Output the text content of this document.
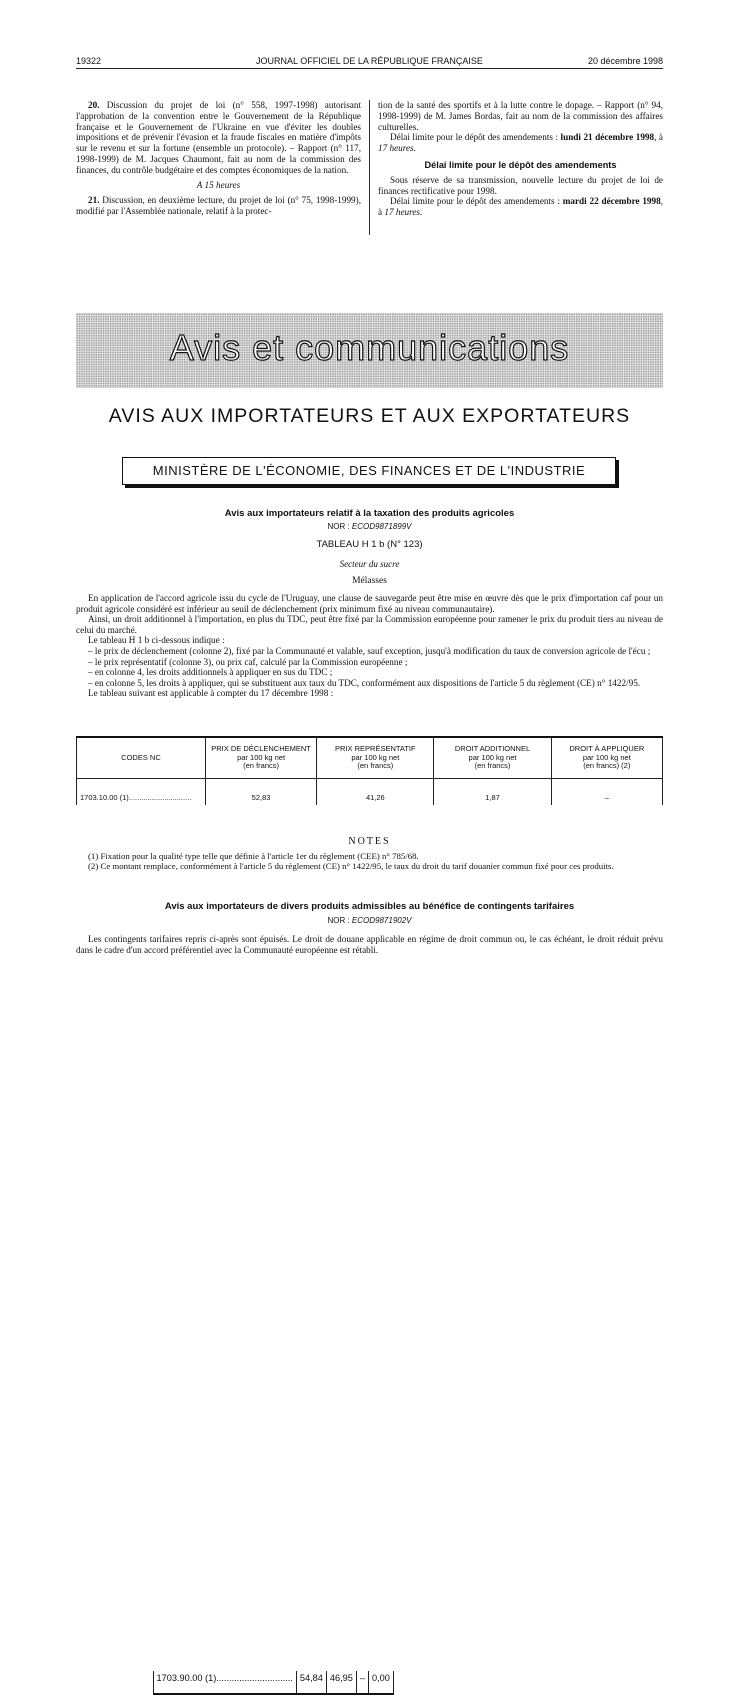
19322	JOURNAL OFFICIEL DE LA RÉPUBLIQUE FRANÇAISE	20 décembre 1998

20. Discussion du projet de loi (n° 558, 1997-1998) autorisant l'approbation de la convention entre le Gouvernement de la République française et le Gouvernement de l'Ukraine en vue d'éviter les doubles impositions et de prévenir l'évasion et la fraude fiscales en matière d'impôts sur le revenu et sur la fortune (ensemble un protocole). – Rapport (n° 117, 1998-1999) de M. Jacques Chaumont, fait au nom de la commission des finances, du contrôle budgétaire et des comptes économiques de la nation.

A 15 heures

21. Discussion, en deuxième lecture, du projet de loi (n° 75, 1998-1999), modifié par l'Assemblée nationale, relatif à la protec-

tion de la santé des sportifs et à la lutte contre le dopage. – Rapport (n° 94, 1998-1999) de M. James Bordas, fait au nom de la commission des affaires culturelles.

Délai limite pour le dépôt des amendements : lundi 21 décembre 1998, à 17 heures.

Délai limite pour le dépôt des amendements

Sous réserve de sa transmission, nouvelle lecture du projet de loi de finances rectificative pour 1998.

Délai limite pour le dépôt des amendements : mardi 22 décembre 1998, à 17 heures.

Avis et communications
AVIS AUX IMPORTATEURS ET AUX EXPORTATEURS
MINISTÈRE DE L'ÉCONOMIE, DES FINANCES ET DE L'INDUSTRIE
Avis aux importateurs relatif à la taxation des produits agricoles
NOR : ECOD9871899V
TABLEAU H 1 b (N° 123)
Secteur du sucre
Mélasses

En application de l'accord agricole issu du cycle de l'Uruguay, une clause de sauvegarde peut être mise en œuvre dès que le prix d'importation caf pour un produit agricole considéré est inférieur au seuil de déclenchement (prix minimum fixé au niveau communautaire).

Ainsi, un droit additionnel à l'importation, en plus du TDC, peut être fixé par la Commission européenne pour ramener le prix du produit tiers au niveau de celui du marché.

Le tableau H 1 b ci-dessous indique :

– le prix de déclenchement (colonne 2), fixé par la Communauté et valable, sauf exception, jusqu'à modification du taux de conversion agricole de l'écu ;

– le prix représentatif (colonne 3), ou prix caf, calculé par la Commission européenne ;

– en colonne 4, les droits additionnels à appliquer en sus du TDC ;

– en colonne 5, les droits à appliquer, qui se substituent aux taux du TDC, conformément aux dispositions de l'article 5 du règlement (CE) n° 1422/95.

Le tableau suivant est applicable à compter du 17 décembre 1998 :

CODES NC	PRIX DE DÉCLENCHEMENT
par 100 kg net
(en francs)	PRIX REPRÉSENTATIF
par 100 kg net
(en francs)	DROIT ADDITIONNEL
par 100 kg net
(en francs)	DROIT À APPLIQUER
par 100 kg net
(en francs) (2)
1703.10.00 (1)..............................	52,83	41,26	1,87	–

1703.90.00 (1)..............................	54,84	46,95	–	0,00
NOTES

(1) Fixation pour la qualité type telle que définie à l'article 1er du règlement (CEE) n° 785/68.

(2) Ce montant remplace, conformément à l'article 5 du règlement (CE) n° 1422/95, le taux du droit du tarif douanier commun fixé pour ces produits.

Avis aux importateurs de divers produits admissibles au bénéfice de contingents tarifaires
NOR : ECOD9871902V

Les contingents tarifaires repris ci-après sont épuisés. Le droit de douane applicable en régime de droit commun ou, le cas échéant, le droit réduit prévu dans le cadre d'un accord préférentiel avec la Communauté européenne est rétabli.
